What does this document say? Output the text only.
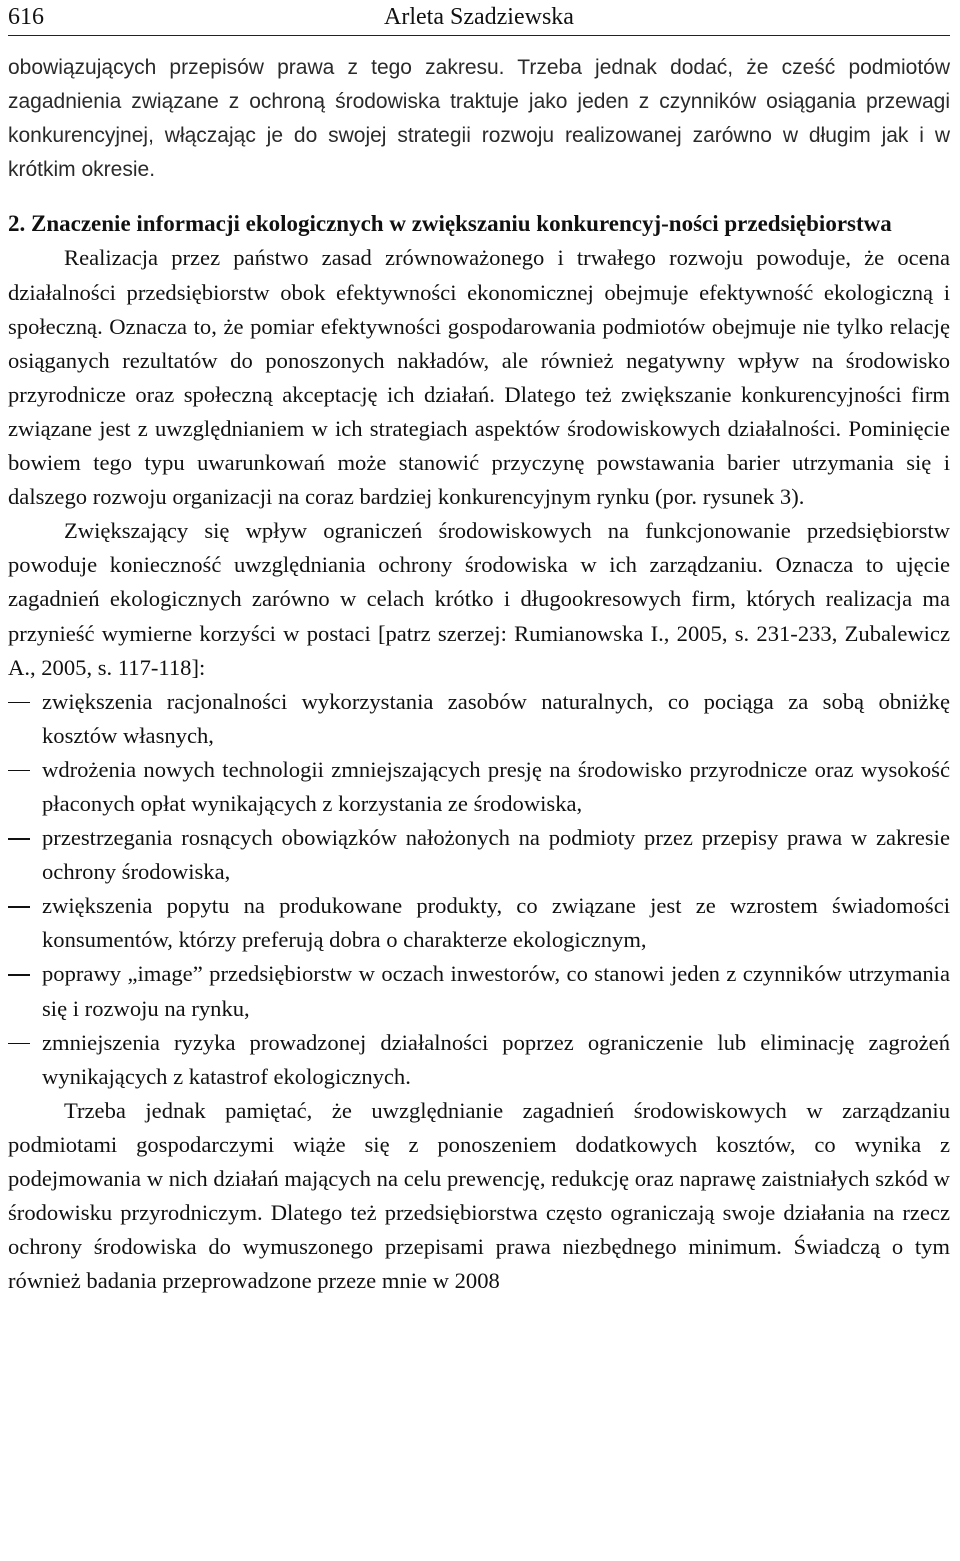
616	Arleta Szadziewska

obowiązujących przepisów prawa z tego zakresu. Trzeba jednak dodać, że cześć podmiotów zagadnienia związane z ochroną środowiska traktuje jako jeden z czynników osiągania przewagi konkurencyjnej, włączając je do swojej strategii rozwoju realizowanej zarówno w długim jak i w krótkim okresie.

2. Znaczenie informacji ekologicznych w zwiększaniu konkurencyj-ności przedsiębiorstwa

Realizacja przez państwo zasad zrównoważonego i trwałego rozwoju powoduje, że ocena działalności przedsiębiorstw obok efektywności ekonomicznej obejmuje efektywność ekologiczną i społeczną. Oznacza to, że pomiar efektywności gospodarowania podmiotów obejmuje nie tylko relację osiąganych rezultatów do ponoszonych nakładów, ale również negatywny wpływ na środowisko przyrodnicze oraz społeczną akceptację ich działań. Dlatego też zwiększanie konkurencyjności firm związane jest z uwzględnianiem w ich strategiach aspektów środowiskowych działalności. Pominięcie bowiem tego typu uwarunkowań może stanowić przyczynę powstawania barier utrzymania się i dalszego rozwoju organizacji na coraz bardziej konkurencyjnym rynku (por. rysunek 3).

Zwiększający się wpływ ograniczeń środowiskowych na funkcjonowanie przedsiębiorstw powoduje konieczność uwzględniania ochrony środowiska w ich zarządzaniu. Oznacza to ujęcie zagadnień ekologicznych zarówno w celach krótko i długookresowych firm, których realizacja ma przynieść wymierne korzyści w postaci [patrz szerzej: Rumianowska I., 2005, s. 231-233, Zubalewicz A., 2005, s. 117-118]:

zwiększenia racjonalności wykorzystania zasobów naturalnych, co pociąga za sobą obniżkę kosztów własnych,
wdrożenia nowych technologii zmniejszających presję na środowisko przyrodnicze oraz wysokość płaconych opłat wynikających z korzystania ze środowiska,
przestrzegania rosnących obowiązków nałożonych na podmioty przez przepisy prawa w zakresie ochrony środowiska,
zwiększenia popytu na produkowane produkty, co związane jest ze wzrostem świadomości konsumentów, którzy preferują dobra o charakterze ekologicznym,
poprawy „image” przedsiębiorstw w oczach inwestorów, co stanowi jeden z czynników utrzymania się i rozwoju na rynku,
zmniejszenia ryzyka prowadzonej działalności poprzez ograniczenie lub eliminację zagrożeń wynikających z katastrof ekologicznych.

Trzeba jednak pamiętać, że uwzględnianie zagadnień środowiskowych w zarządzaniu podmiotami gospodarczymi wiąże się z ponoszeniem dodatkowych kosztów, co wynika z podejmowania w nich działań mających na celu prewencję, redukcję oraz naprawę zaistniałych szkód w środowisku przyrodniczym. Dlatego też przedsiębiorstwa często ograniczają swoje działania na rzecz ochrony środowiska do wymuszonego przepisami prawa niezbędnego minimum. Świadczą o tym również badania przeprowadzone przeze mnie w 2008
